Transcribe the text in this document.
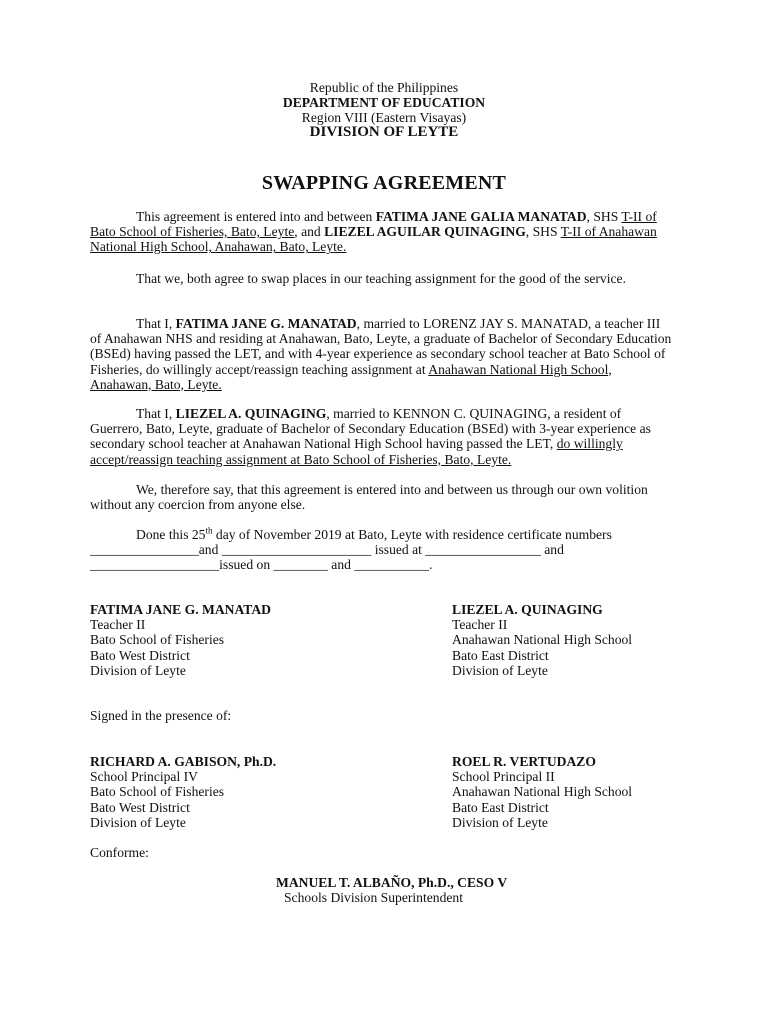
Republic of the Philippines
DEPARTMENT OF EDUCATION
Region VIII (Eastern Visayas)
DIVISION OF LEYTE
SWAPPING AGREEMENT

This agreement is entered into and between FATIMA JANE GALIA MANATAD, SHS T-II of Bato School of Fisheries, Bato, Leyte, and LIEZEL AGUILAR QUINAGING, SHS T-II of Anahawan National High School, Anahawan, Bato, Leyte.

That we, both agree to swap places in our teaching assignment for the good of the service.

That I, FATIMA JANE G. MANATAD, married to LORENZ JAY S. MANATAD, a teacher III of Anahawan NHS and residing at Anahawan, Bato, Leyte, a graduate of Bachelor of Secondary Education (BSEd) having passed the LET, and with 4-year experience as secondary school teacher at Bato School of Fisheries, do willingly accept/reassign teaching assignment at Anahawan National High School, Anahawan, Bato, Leyte.

That I, LIEZEL A. QUINAGING, married to KENNON C. QUINAGING, a resident of Guerrero, Bato, Leyte, graduate of Bachelor of Secondary Education (BSEd) with 3-year experience as secondary school teacher at Anahawan National High School having passed the LET, do willingly accept/reassign teaching assignment at Bato School of Fisheries, Bato, Leyte.

We, therefore say, that this agreement is entered into and between us through our own volition without any coercion from anyone else.

Done this 25th day of November 2019 at Bato, Leyte with residence certificate numbers ________________and ______________________ issued at _________________ and ___________________issued on ________ and ___________.

FATIMA JANE G. MANATAD
Teacher II
Bato School of Fisheries
Bato West District
Division of Leyte
LIEZEL A. QUINAGING
Teacher II
Anahawan National High School
Bato East District
Division of Leyte
Signed in the presence of:
RICHARD A. GABISON, Ph.D.
School Principal IV
Bato School of Fisheries
Bato West District
Division of Leyte
ROEL R. VERTUDAZO
School Principal II
Anahawan National High School
Bato East District
Division of Leyte
Conforme:
MANUEL T. ALBAÑO, Ph.D., CESO V
Schools Division Superintendent
